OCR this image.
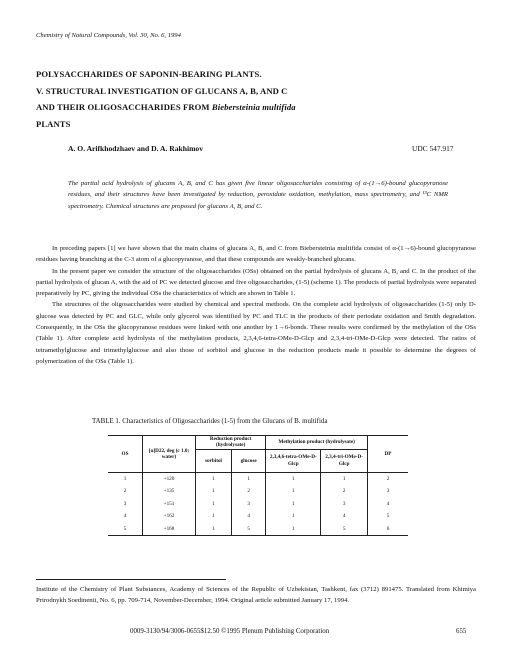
Chemistry of Natural Compounds, Vol. 30, No. 6, 1994
POLYSACCHARIDES OF SAPONIN-BEARING PLANTS.
V. STRUCTURAL INVESTIGATION OF GLUCANS A, B, AND C
AND THEIR OLIGOSACCHARIDES FROM Biebersteinia multifida
PLANTS
A. O. Arifkhodzhaev and D. A. Rakhimov	UDC 547.917
The partial acid hydrolysis of glucans A, B, and C has given five linear oligosaccharides consisting of α-(1→6)-bound glucopyranose residues, and their structures have been investigated by reduction, peroxidate oxidation, methylation, mass spectrometry, and ¹³C NMR spectrometry. Chemical structures are proposed for glucans A, B, and C.

In preceding papers [1] we have shown that the main chains of glucans A, B, and C from Biebersteinia multifida consist of α-(1→6)-bound glucopyranose residues having branching at the C-3 atom of a glucopyranose, and that these compounds are weakly-branched glucans.

In the present paper we consider the structure of the oligosaccharides (OSs) obtained on the partial hydrolysis of glucans A, B, and C. In the product of the partial hydrolysis of glucan A, with the aid of PC we detected glucose and five oligosaccharides, (1-5) (scheme 1). The products of partial hydrolysis were separated preparatively by PC, giving the individual OSs the characteristics of which are shown in Table 1.

The structures of the oligosaccharides were studied by chemical and spectral methods. On the complete acid hydrolysis of oligosaccharides (1-5) only D-glucose was detected by PC and GLC, while only glycerol was identified by PC and TLC in the products of their periodate oxidation and Smith degradation. Consequently, in the OSs the glucopyranose residues were linked with one another by 1→6-bonds. These results were confirmed by the methylation of the OSs (Table 1). After complete acid hydrolysis of the methylation products, 2,3,4,6-tetra-OMe-D-Glcp and 2,3,4-tri-OMe-D-Glcp were detected. The ratios of tetramethylglucose and trimethylglucose and also those of sorbitol and glucose in the reduction products made it possible to determine the degrees of polymerization of the OSs (Table 1).

TABLE 1. Characteristics of Oligosaccharides (1-5) from the Glucans of B. multifida
OS	[α]D22, deg (c 1.0; water)	Reduction product (hydrolysate)		Methylation product (hydrolysate)		DP
		sorbitol	glucose	2,3,4,6-tetra-OMe-D-Glcp	2,3,4-tri-OMe-D-Glcp	
1	+120	1	1	1	1	2
2	+135	1	2	1	2	3
3	+151	1	3	1	3	4
4	+162	1	4	1	4	5
5	+168	1	5	1	5	6
Institute of the Chemistry of Plant Substances, Academy of Sciences of the Republic of Uzbekistan, Tashkent, fax (3712) 891475. Translated from Khimiya Prirodnykh Soedinenii, No. 6, pp. 709-714, November-December, 1994. Original article submitted January 17, 1994.
0009-3130/94/3006-0655$12.50 ©1995 Plenum Publishing Corporation	655
